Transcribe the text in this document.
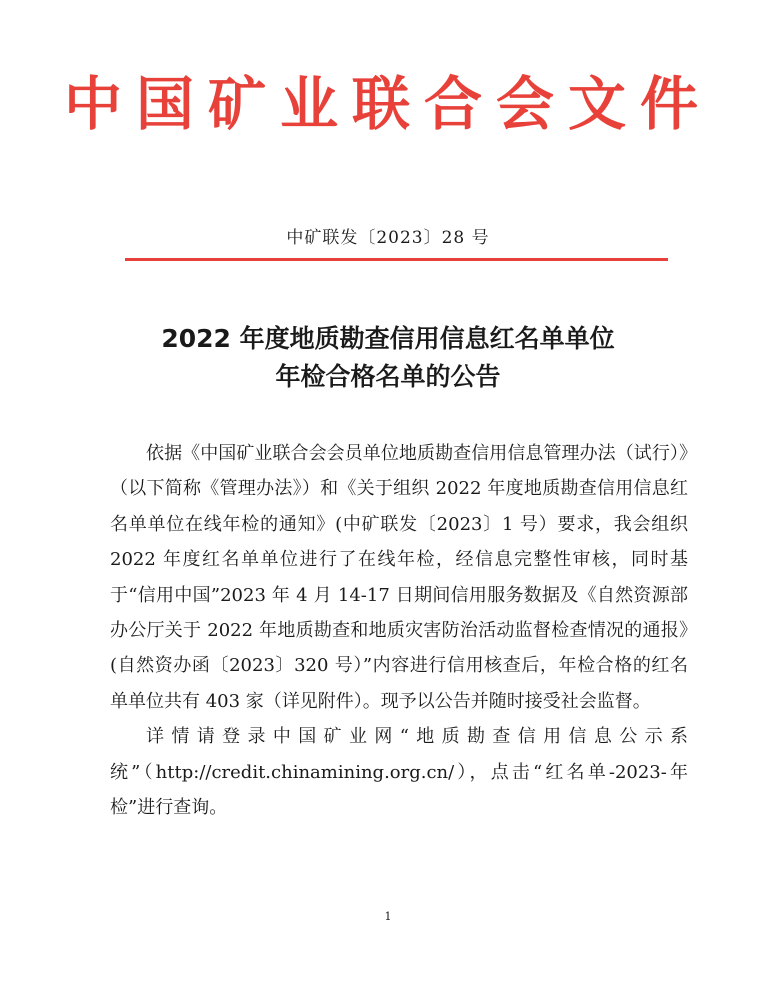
中国矿业联合会文件
中矿联发〔2023〕28 号
2022 年度地质勘查信用信息红名单单位
年检合格名单的公告

依据《中国矿业联合会会员单位地质勘查信用信息管理办法（试行）》（以下简称《管理办法》）和《关于组织 2022 年度地质勘查信用信息红名单单位在线年检的通知》(中矿联发〔2023〕1 号）要求，我会组织 2022 年度红名单单位进行了在线年检，经信息完整性审核，同时基于“信用中国”2023 年 4 月 14-17 日期间信用服务数据及《自然资源部办公厅关于 2022 年地质勘查和地质灾害防治活动监督检查情况的通报》(自然资办函〔2023〕320 号）”内容进行信用核查后，年检合格的红名单单位共有 403 家（详见附件）。现予以公告并随时接受社会监督。

详情请登录中国矿业网“地质勘查信用信息公示系统”（http://credit.chinamining.org.cn/），点击“红名单-2023-年检”进行查询。

1
